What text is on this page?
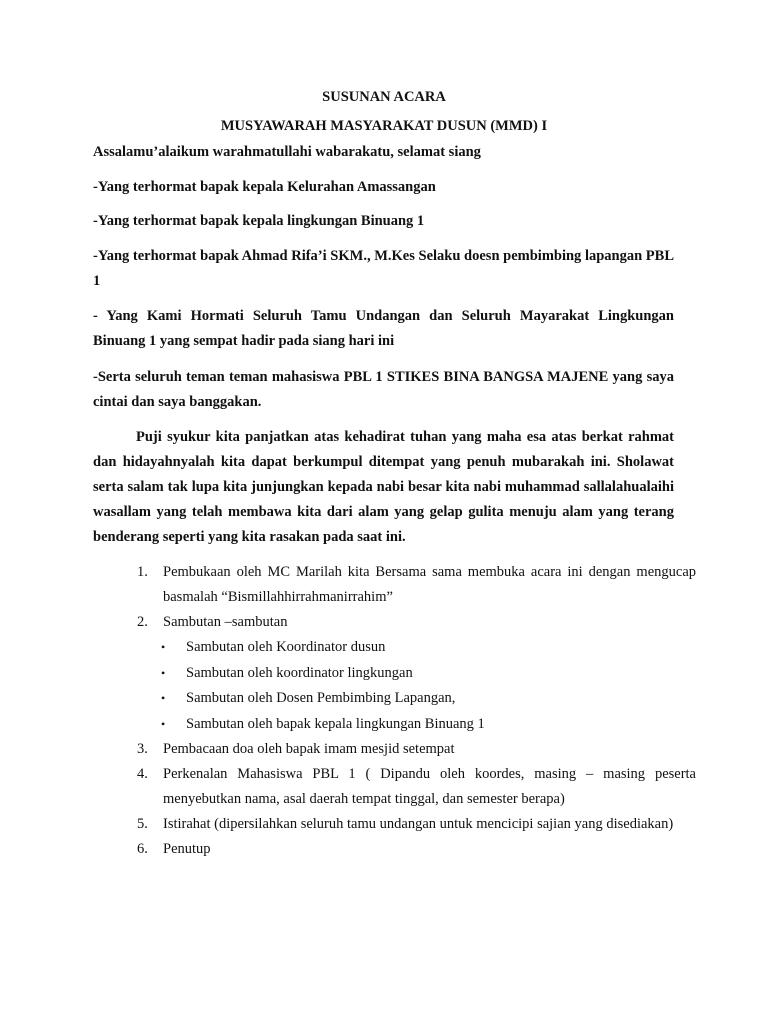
SUSUNAN ACARA
MUSYAWARAH MASYARAKAT DUSUN (MMD) I
Assalamu’alaikum warahmatullahi wabarakatu, selamat siang
-Yang terhormat bapak kepala Kelurahan Amassangan
-Yang terhormat bapak kepala lingkungan Binuang 1
-Yang terhormat bapak Ahmad Rifa’i SKM., M.Kes Selaku doesn pembimbing lapangan PBL 1
- Yang Kami Hormati Seluruh Tamu Undangan dan Seluruh Mayarakat Lingkungan Binuang 1 yang sempat hadir pada siang hari ini
-Serta seluruh teman teman mahasiswa PBL 1 STIKES BINA BANGSA MAJENE yang saya cintai dan saya banggakan.
Puji syukur kita panjatkan atas kehadirat tuhan yang maha esa atas berkat rahmat dan hidayahnyalah kita dapat berkumpul ditempat yang penuh mubarakah ini. Sholawat serta salam tak lupa kita junjungkan kepada nabi besar kita nabi muhammad sallalahualaihi wasallam yang telah membawa kita dari alam yang gelap gulita menuju alam yang terang benderang seperti yang kita rasakan pada saat ini.
1.	Pembukaan oleh MC Marilah kita Bersama sama membuka acara ini dengan mengucap basmalah “Bismillahhirrahmanirrahim”
2.	Sambutan –sambutan
• Sambutan oleh Koordinator dusun
• Sambutan oleh koordinator lingkungan
• Sambutan oleh Dosen Pembimbing Lapangan,
• Sambutan oleh bapak kepala lingkungan Binuang 1
3.	Pembacaan doa oleh bapak imam mesjid setempat
4.	Perkenalan Mahasiswa PBL 1 ( Dipandu oleh koordes, masing – masing peserta menyebutkan nama, asal daerah tempat tinggal, dan semester berapa)
5.	Istirahat (dipersilahkan seluruh tamu undangan untuk mencicipi sajian yang disediakan)
6.	Penutup
